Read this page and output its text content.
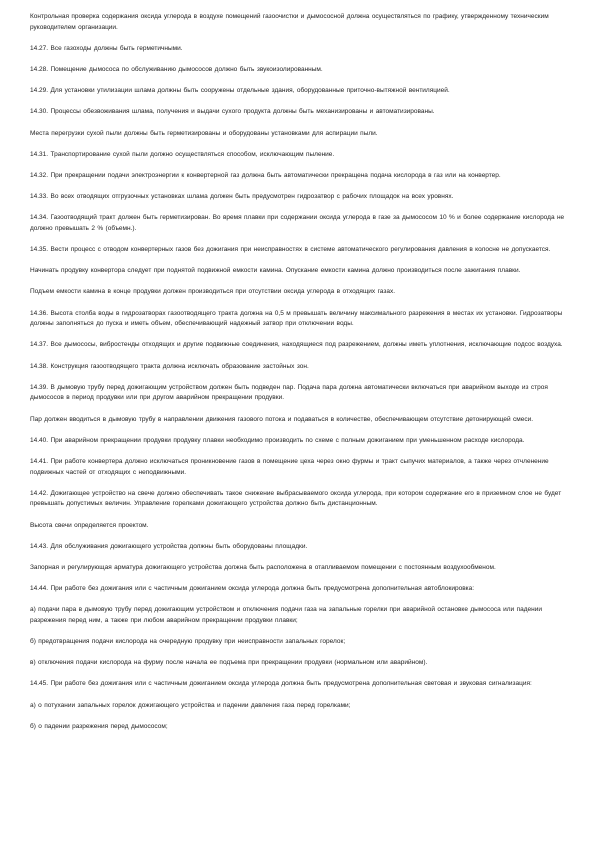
Контрольная проверка содержания оксида углерода в воздухе помещений газоочистки и дымососной должна осуществляться по графику, утвержденному техническим руководителем организации.

14.27. Все газоходы должны быть герметичными.

14.28. Помещение дымососа по обслуживанию дымососов должно быть звукоизолированным.

14.29. Для установки утилизации шлама должны быть сооружены отдельные здания, оборудованные приточно-вытяжной вентиляцией.

14.30. Процессы обезвоживания шлама, получения и выдачи сухого продукта должны быть механизированы и автоматизированы.

Места перегрузки сухой пыли должны быть герметизированы и оборудованы установками для аспирации пыли.

14.31. Транспортирование сухой пыли должно осуществляться способом, исключающим пыление.

14.32. При прекращении подачи электроэнергии к конвертерной газ должна быть автоматически прекращена подача кислорода в газ или на конвертер.

14.33. Во всех отводящих отгрузочных установках шлама должен быть предусмотрен гидрозатвор с рабочих площадок на всех уровнях.

14.34. Газоотводящий тракт должен быть герметизирован. Во время плавки при содержании оксида углерода в газе за дымососом 10 % и более содержание кислорода не должно превышать 2 % (объемн.).

14.35. Вести процесс с отводом конвертерных газов без дожигания при неисправностях в системе автоматического регулирования давления в колосне не допускается.

Начинать продувку конвертора следует при поднятой подвижной емкости камина. Опускание емкости камина должно производиться после зажигания плавки.

Подъем емкости камина в конце продувки должен производиться при отсутствии оксида углерода в отходящих газах.

14.36. Высота столба воды в гидрозатворах газоотводящего тракта должна на 0,5 м превышать величину максимального разрежения в местах их установки. Гидрозатворы должны заполняться до пуска и иметь объем, обеспечивающий надежный затвор при отключении воды.

14.37. Все дымососы, вибростенды отходящих и другие подвижные соединения, находящиеся под разрежением, должны иметь уплотнения, исключающие подсос воздуха.

14.38. Конструкция газоотводящего тракта должна исключать образование застойных зон.

14.39. В дымовую трубу перед дожигающим устройством должен быть подведен пар. Подача пара должна автоматически включаться при аварийном выходе из строя дымососов в период продувки или при другом аварийном прекращении продувки.

Пар должен вводиться в дымовую трубу в направлении движения газового потока и подаваться в количестве, обеспечивающем отсутствие детонирующей смеси.

14.40. При аварийном прекращении продувки продувку плавки необходимо производить по схеме с полным дожиганием при уменьшенном расходе кислорода.

14.41. При работе конвертера должно исключаться проникновение газов в помещение цеха через окно фурмы и тракт сыпучих материалов, а также через отчленение подвижных частей от отходящих с неподвижными.

14.42. Дожигающее устройство на свече должно обеспечивать такое снижение выбрасываемого оксида углерода, при котором содержание его в приземном слое не будет превышать допустимых величин. Управление горелками дожигающего устройства должно быть дистанционным.

Высота свечи определяется проектом.

14.43. Для обслуживания дожигающего устройства должны быть оборудованы площадки.

Запорная и регулирующая арматура дожигающего устройства должна быть расположена в отапливаемом помещении с постоянным воздухообменом.

14.44. При работе без дожигания или с частичным дожиганием оксида углерода должна быть предусмотрена дополнительная автоблокировка:

а) подачи пара в дымовую трубу перед дожигающим устройством и отключения подачи газа на запальные горелки при аварийной остановке дымососа или падении разрежения перед ним, а также при любом аварийном прекращении продувки плавки;

б) предотвращения подачи кислорода на очередную продувку при неисправности запальных горелок;

в) отключения подачи кислорода на фурму после начала ее подъема при прекращении продувки (нормальном или аварийном).

14.45. При работе без дожигания или с частичным дожиганием оксида углерода должна быть предусмотрена дополнительная световая и звуковая сигнализация:

а) о потухании запальных горелок дожигающего устройства и падении давления газа перед горелками;

б) о падении разрежения перед дымососом;
